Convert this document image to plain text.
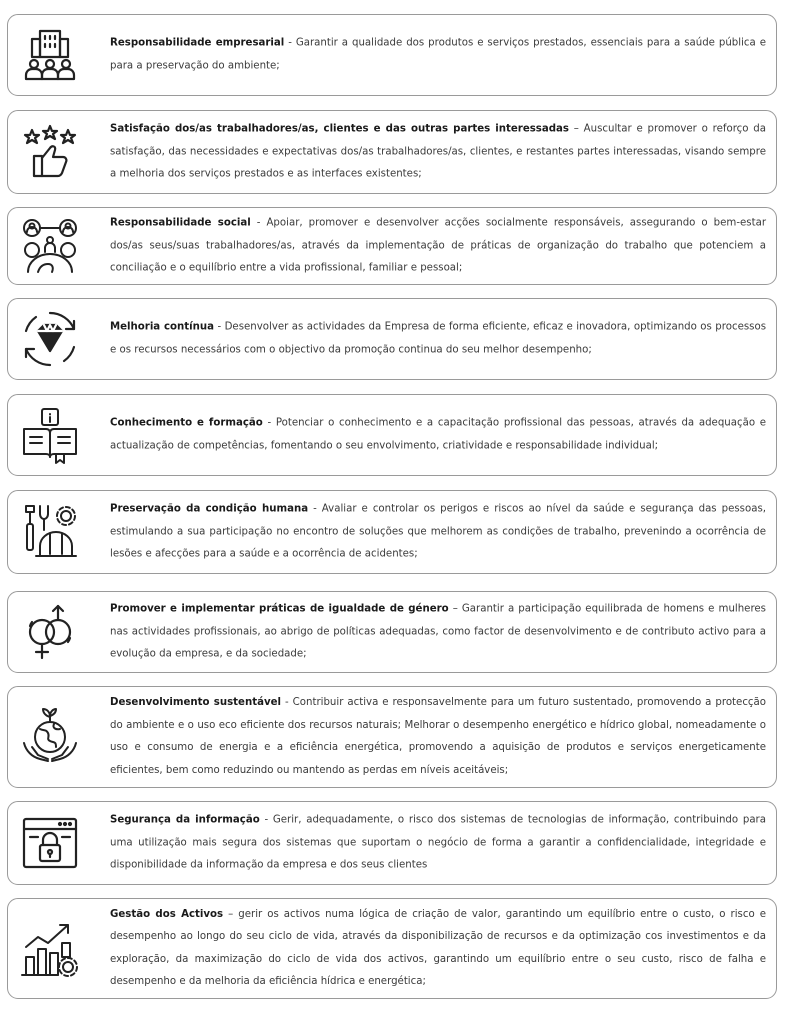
Responsabilidade empresarial - Garantir a qualidade dos produtos e serviços prestados, essenciais para a saúde pública e para a preservação do ambiente;
Satisfação dos/as trabalhadores/as, clientes e das outras partes interessadas – Auscultar e promover o reforço da satisfação, das necessidades e expectativas dos/as trabalhadores/as, clientes, e restantes partes interessadas, visando sempre a melhoria dos serviços prestados e as interfaces existentes;
Responsabilidade social - Apoiar, promover e desenvolver acções socialmente responsáveis, assegurando o bem-estar dos/as seus/suas trabalhadores/as, através da implementação de práticas de organização do trabalho que potenciem a conciliação e o equilíbrio entre a vida profissional, familiar e pessoal;
Melhoria contínua - Desenvolver as actividades da Empresa de forma eficiente, eficaz e inovadora, optimizando os processos e os recursos necessários com o objectivo da promoção continua do seu melhor desempenho;
Conhecimento e formação - Potenciar o conhecimento e a capacitação profissional das pessoas, através da adequação e actualização de competências, fomentando o seu envolvimento, criatividade e responsabilidade individual;
Preservação da condição humana - Avaliar e controlar os perigos e riscos ao nível da saúde e segurança das pessoas, estimulando a sua participação no encontro de soluções que melhorem as condições de trabalho, prevenindo a ocorrência de lesões e afecções para a saúde e a ocorrência de acidentes;
Promover e implementar práticas de igualdade de género – Garantir a participação equilibrada de homens e mulheres nas actividades profissionais, ao abrigo de políticas adequadas, como factor de desenvolvimento e de contributo activo para a evolução da empresa, e da sociedade;
Desenvolvimento sustentável - Contribuir activa e responsavelmente para um futuro sustentado, promovendo a protecção do ambiente e o uso eco eficiente dos recursos naturais; Melhorar o desempenho energético e hídrico global, nomeadamente o uso e consumo de energia e a eficiência energética, promovendo a aquisição de produtos e serviços energeticamente eficientes, bem como reduzindo ou mantendo as perdas em níveis aceitáveis;
Segurança da informação - Gerir, adequadamente, o risco dos sistemas de tecnologias de informação, contribuindo para uma utilização mais segura dos sistemas que suportam o negócio de forma a garantir a confidencialidade, integridade e disponibilidade da informação da empresa e dos seus clientes
Gestão dos Activos – gerir os activos numa lógica de criação de valor, garantindo um equilíbrio entre o custo, o risco e desempenho ao longo do seu ciclo de vida, através da disponibilização de recursos e da optimização cos investimentos e da exploração, da maximização do ciclo de vida dos activos, garantindo um equilíbrio entre o seu custo, risco de falha e desempenho e da melhoria da eficiência hídrica e energética;
